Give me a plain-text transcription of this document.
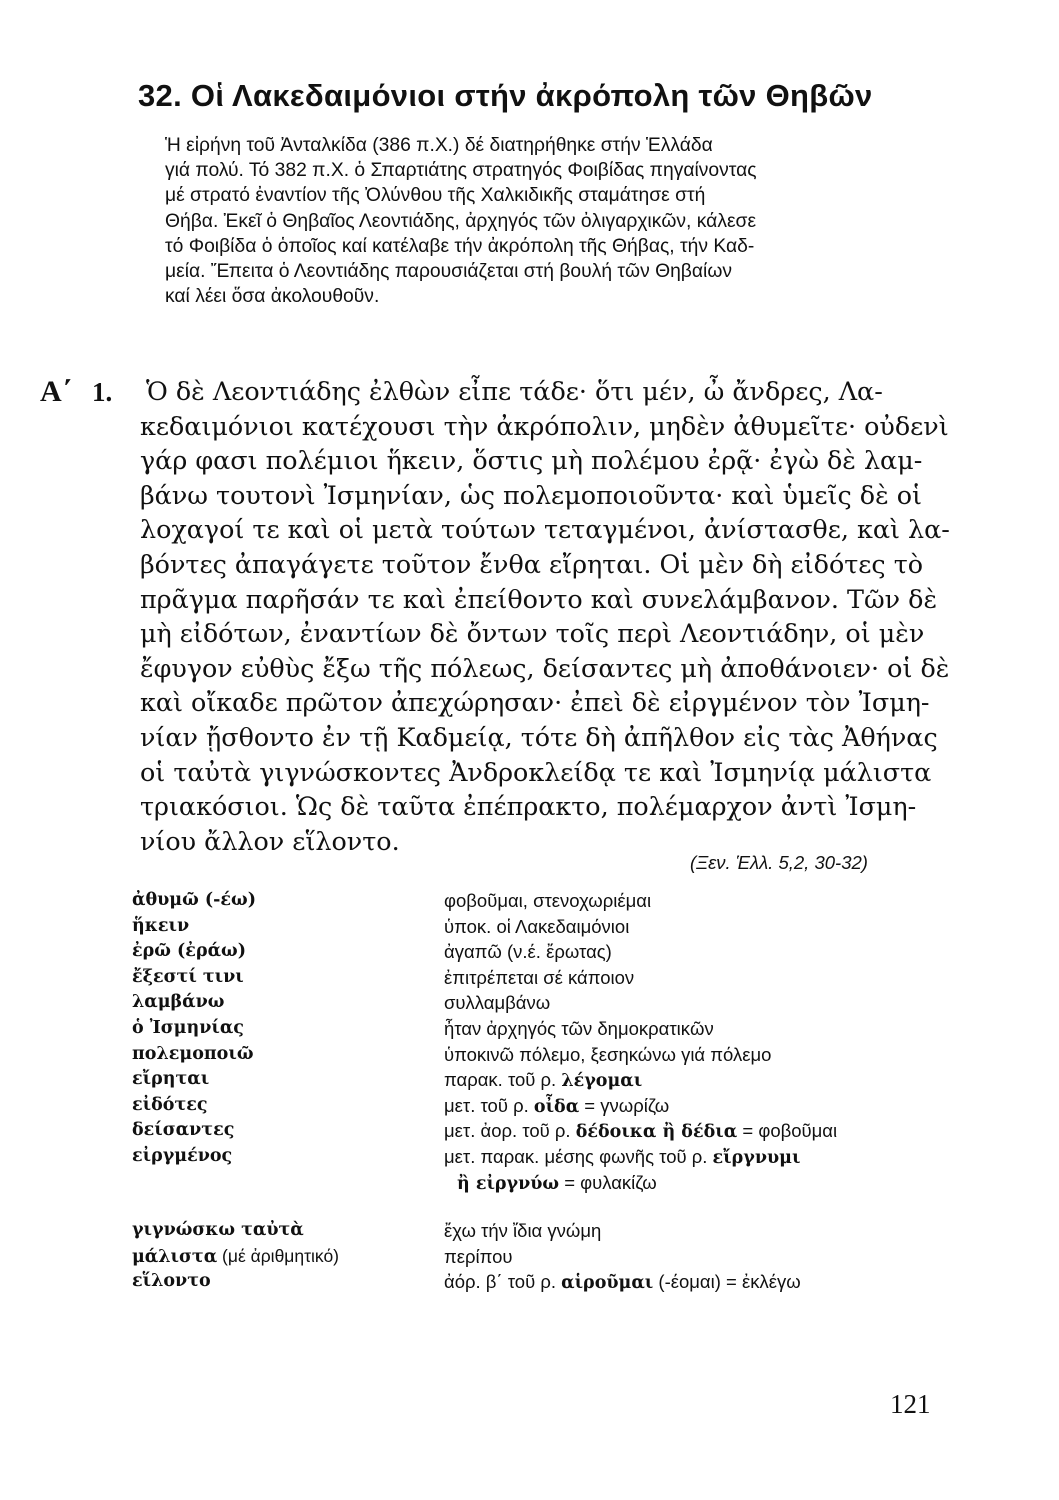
32. Οἱ Λακεδαιμόνιοι στήν ἀκρόπολη τῶν Θηβῶν
Ἡ εἰρήνη τοῦ Ἀνταλκίδα (386 π.Χ.) δέ διατηρήθηκε στήν Ἑλλάδα
γιά πολύ. Τό 382 π.Χ. ὁ Σπαρτιάτης στρατηγός Φοιβίδας πηγαίνοντας
μέ στρατό ἐναντίον τῆς Ὀλύνθου τῆς Χαλκιδικῆς σταμάτησε στή
Θήβα. Ἐκεῖ ὁ Θηβαῖος Λεοντιάδης, ἀρχηγός τῶν ὀλιγαρχικῶν, κάλεσε
τό Φοιβίδα ὁ ὁποῖος καί κατέλαβε τήν ἀκρόπολη τῆς Θήβας, τήν Καδ-
μεία. Ἔπειτα ὁ Λεοντιάδης παρουσιάζεται στή βουλή τῶν Θηβαίων
καί λέει ὅσα ἀκολουθοῦν.
Α΄ 1. Ὁ δὲ Λεοντιάδης ἐλθὼν εἶπε τάδε· ὅτι μέν, ὦ ἄνδρες, Λα-
κεδαιμόνιοι κατέχουσι τὴν ἀκρόπολιν, μηδὲν ἀθυμεῖτε· οὐδενὶ
γάρ φασι πολέμιοι ἥκειν, ὅστις μὴ πολέμου ἐρᾷ· ἐγὼ δὲ λαμ-
βάνω τουτονὶ Ἰσμηνίαν, ὡς πολεμοποιοῦντα· καὶ ὑμεῖς δὲ οἱ
λοχαγοί τε καὶ οἱ μετὰ τούτων τεταγμένοι, ἀνίστασθε, καὶ λα-
βόντες ἀπαγάγετε τοῦτον ἔνθα εἴρηται. Οἱ μὲν δὴ εἰδότες τὸ
πρᾶγμα παρῆσάν τε καὶ ἐπείθοντο καὶ συνελάμβανον. Τῶν δὲ
μὴ εἰδότων, ἐναντίων δὲ ὄντων τοῖς περὶ Λεοντιάδην, οἱ μὲν
ἔφυγον εὐθὺς ἔξω τῆς πόλεως, δείσαντες μὴ ἀποθάνοιεν· οἱ δὲ
καὶ οἴκαδε πρῶτον ἀπεχώρησαν· ἐπεὶ δὲ εἰργμένον τὸν Ἰσμη-
νίαν ᾔσθοντο ἐν τῇ Καδμείᾳ, τότε δὴ ἀπῆλθον εἰς τὰς Ἀθήνας
οἱ ταὐτὰ γιγνώσκοντες Ἀνδροκλείδᾳ τε καὶ Ἰσμηνίᾳ μάλιστα
τριακόσιοι. Ὡς δὲ ταῦτα ἐπέπρακτο, πολέμαρχον ἀντὶ Ἰσμη-
νίου ἄλλον εἵλοντο.
(Ξεν. Ἑλλ. 5,2, 30-32)
ἀθυμῶ (-έω)	φοβοῦμαι, στενοχωριέμαι
ἥκειν	ὑποκ. οἱ Λακεδαιμόνιοι
ἐρῶ (ἐράω)	ἀγαπῶ (ν.έ. ἔρωτας)
ἔξεστί τινι	ἐπιτρέπεται σέ κάποιον
λαμβάνω	συλλαμβάνω
ὁ Ἰσμηνίας	ἦταν ἀρχηγός τῶν δημοκρατικῶν
πολεμοποιῶ	ὑποκινῶ πόλεμο, ξεσηκώνω γιά πόλεμο
εἴρηται	παρακ. τοῦ ρ. λέγομαι
εἰδότες	μετ. τοῦ ρ. οἶδα = γνωρίζω
δείσαντες	μετ. ἀορ. τοῦ ρ. δέδοικα ἢ δέδια = φοβοῦμαι
εἰργμένος	μετ. παρακ. μέσης φωνῆς τοῦ ρ. εἴργνυμι
ἢ εἰργνύω = φυλακίζω
γιγνώσκω ταὐτὰ	ἔχω τήν ἴδια γνώμη
μάλιστα (μέ ἀριθμητικό)	περίπου
εἵλοντο	ἀόρ. β΄ τοῦ ρ. αἱροῦμαι (-έομαι) = ἐκλέγω
121
